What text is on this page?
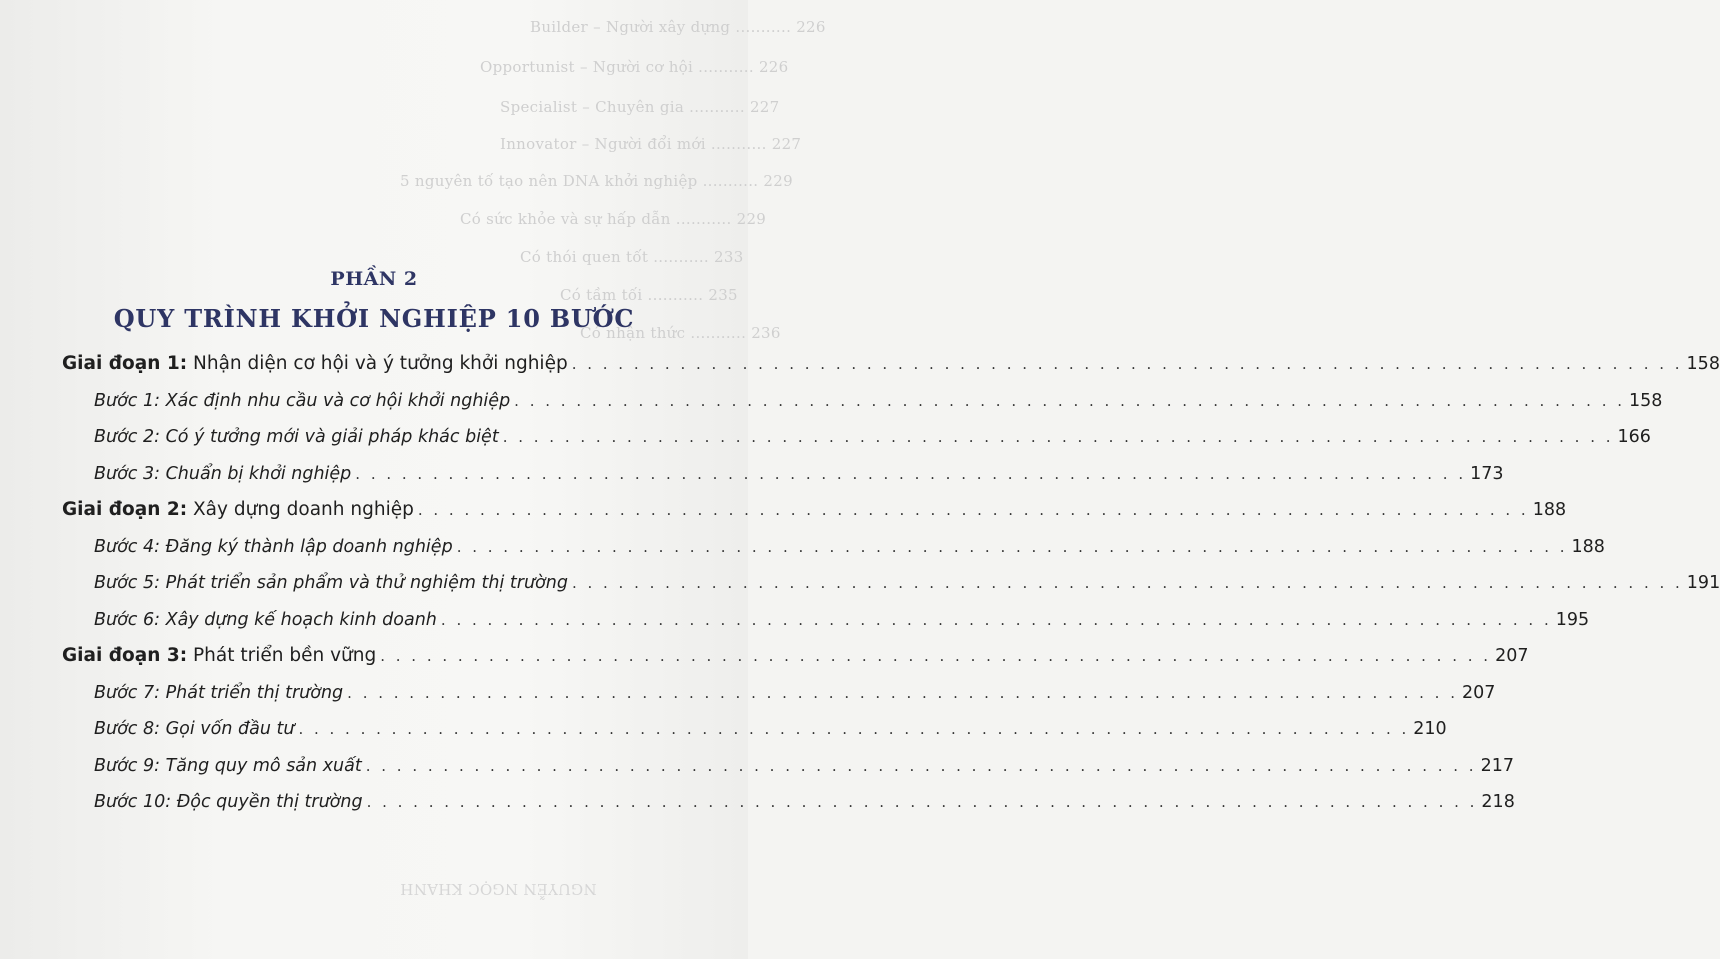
Builder – Người xây dựng ........... 226
Opportunist – Người cơ hội ........... 226
Specialist – Chuyên gia ........... 227
Innovator – Người đổi mới ........... 227
5 nguyên tố tạo nên DNA khởi nghiệp ........... 229
Có sức khỏe và sự hấp dẫn ........... 229
Có thói quen tốt ........... 233
Có tầm tối ........... 235
Có nhận thức ........... 236
NGUYỄN NGỌC KHANH
PHẦN 2
QUY TRÌNH KHỞI NGHIỆP 10 BƯỚC
Giai đoạn 1: Nhận diện cơ hội và ý tưởng khởi nghiệp . . .	158
Bước 1: Xác định nhu cầu và cơ hội khởi nghiệp . . .	158
Bước 2: Có ý tưởng mới và giải pháp khác biệt . . .	166
Bước 3: Chuẩn bị khởi nghiệp . . .	173
Giai đoạn 2: Xây dựng doanh nghiệp . . .	188
Bước 4: Đăng ký thành lập doanh nghiệp . . .	188
Bước 5: Phát triển sản phẩm và thử nghiệm thị trường . . .	191
Bước 6: Xây dựng kế hoạch kinh doanh . . .	195
Giai đoạn 3: Phát triển bền vững . . .	207
Bước 7: Phát triển thị trường . . .	207
Bước 8: Gọi vốn đầu tư . . .	210
Bước 9: Tăng quy mô sản xuất . . .	217
Bước 10: Độc quyền thị trường . . .	218
